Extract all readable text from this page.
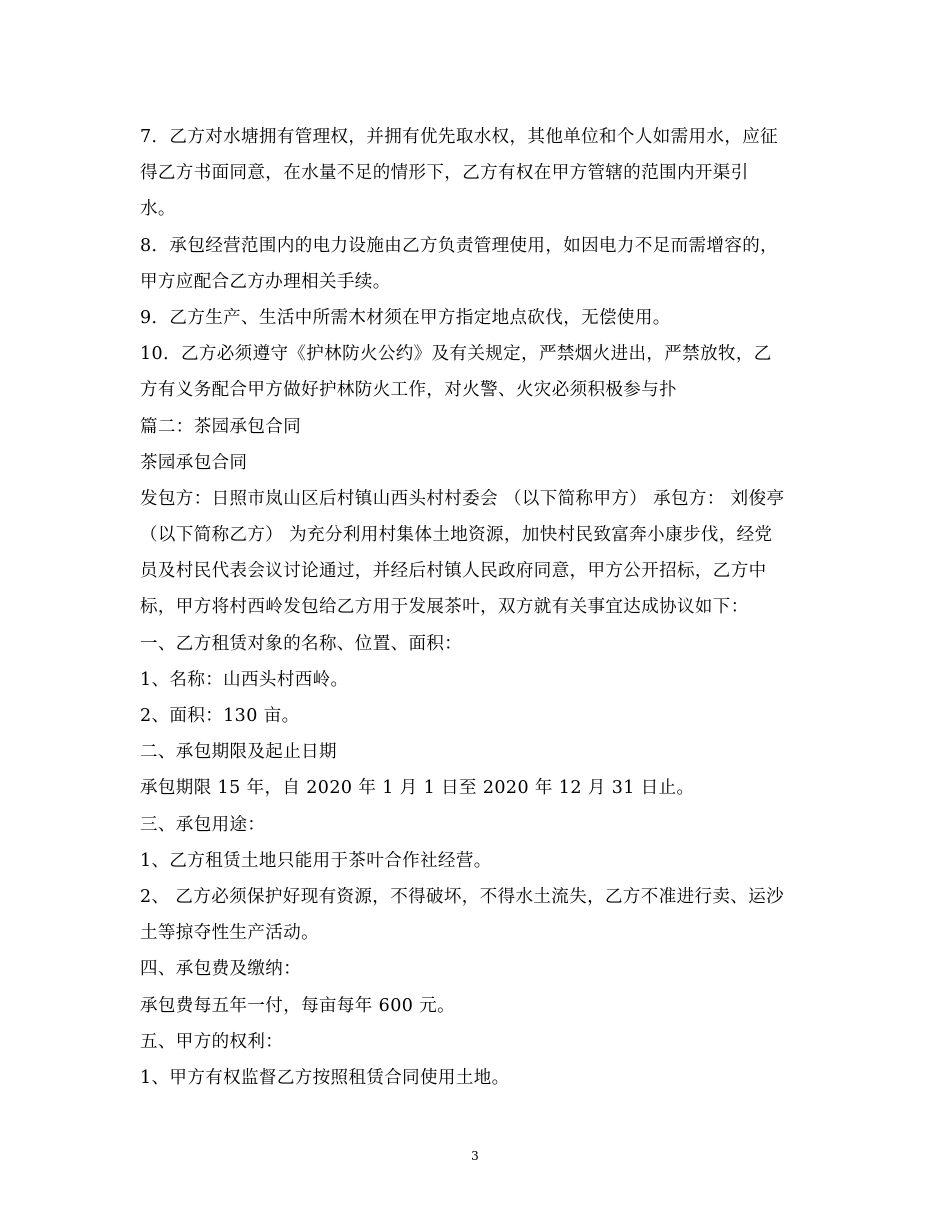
7．乙方对水塘拥有管理权，并拥有优先取水权，其他单位和个人如需用水，应征
得乙方书面同意，在水量不足的情形下，乙方有权在甲方管辖的范围内开渠引
水。
8．承包经营范围内的电力设施由乙方负责管理使用，如因电力不足而需增容的，
甲方应配合乙方办理相关手续。
9．乙方生产、生活中所需木材须在甲方指定地点砍伐，无偿使用。
10．乙方必须遵守《护林防火公约》及有关规定，严禁烟火进出，严禁放牧，乙
方有义务配合甲方做好护林防火工作，对火警、火灾必须积极参与扑
篇二：茶园承包合同
茶园承包合同
发包方：日照市岚山区后村镇山西头村村委会 （以下简称甲方） 承包方： 刘俊亭
（以下简称乙方） 为充分利用村集体土地资源，加快村民致富奔小康步伐，经党
员及村民代表会议讨论通过，并经后村镇人民政府同意，甲方公开招标，乙方中
标，甲方将村西岭发包给乙方用于发展茶叶，双方就有关事宜达成协议如下：
一、乙方租赁对象的名称、位置、面积：
1、名称：山西头村西岭。
2、面积：130 亩。
二、承包期限及起止日期
承包期限 15 年，自 2020 年 1 月 1 日至 2020 年 12 月 31 日止。
三、承包用途：
1、乙方租赁土地只能用于茶叶合作社经营。
2、 乙方必须保护好现有资源，不得破坏，不得水土流失，乙方不准进行卖、运沙
土等掠夺性生产活动。
四、承包费及缴纳：
承包费每五年一付，每亩每年 600 元。
五、甲方的权利：
1、甲方有权监督乙方按照租赁合同使用土地。
3
